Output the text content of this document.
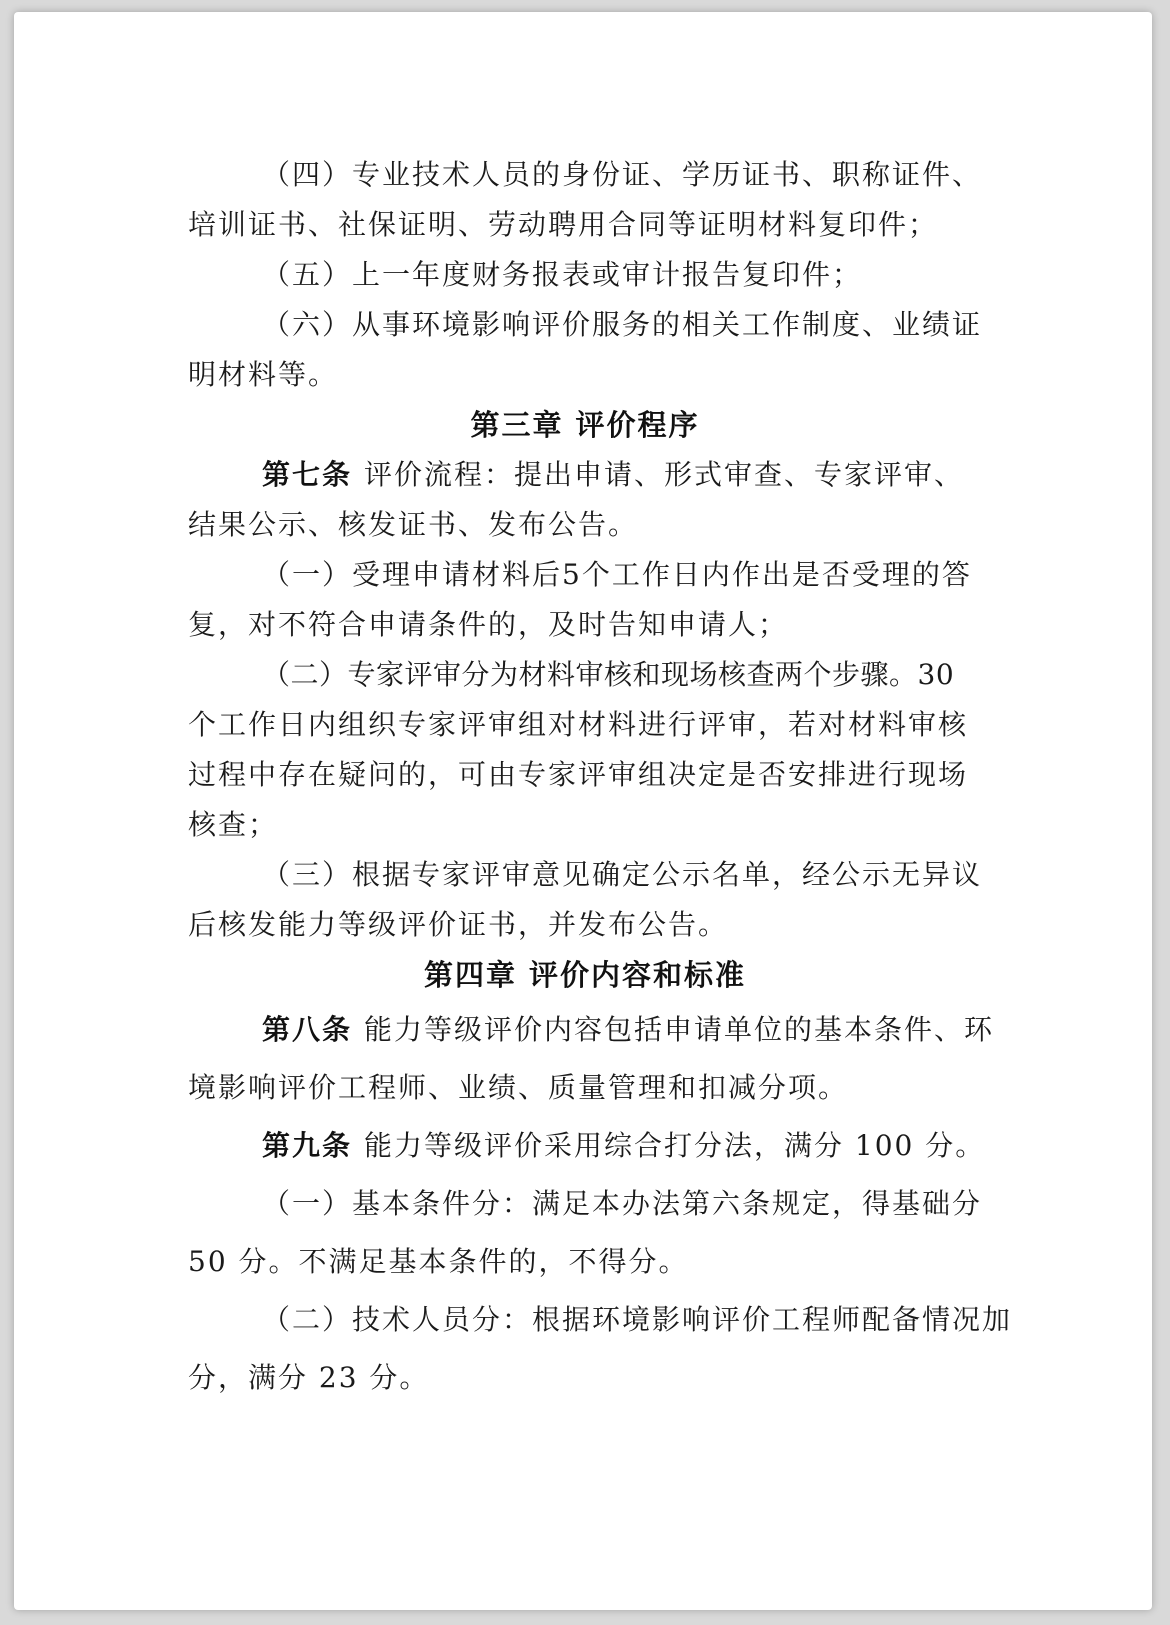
（四）专业技术人员的身份证、学历证书、职称证件、
培训证书、社保证明、劳动聘用合同等证明材料复印件；
（五）上一年度财务报表或审计报告复印件；
（六）从事环境影响评价服务的相关工作制度、业绩证
明材料等。
第三章 评价程序
第七条 评价流程：提出申请、形式审查、专家评审、
结果公示、核发证书、发布公告。
（一）受理申请材料后5个工作日内作出是否受理的答
复，对不符合申请条件的，及时告知申请人；
（二）专家评审分为材料审核和现场核查两个步骤。30
个工作日内组织专家评审组对材料进行评审，若对材料审核
过程中存在疑问的，可由专家评审组决定是否安排进行现场
核查；
（三）根据专家评审意见确定公示名单，经公示无异议
后核发能力等级评价证书，并发布公告。
第四章 评价内容和标准
第八条 能力等级评价内容包括申请单位的基本条件、环
境影响评价工程师、业绩、质量管理和扣减分项。
第九条 能力等级评价采用综合打分法，满分 100 分。
（一）基本条件分：满足本办法第六条规定，得基础分
50 分。不满足基本条件的，不得分。
（二）技术人员分：根据环境影响评价工程师配备情况加
分，满分 23 分。
